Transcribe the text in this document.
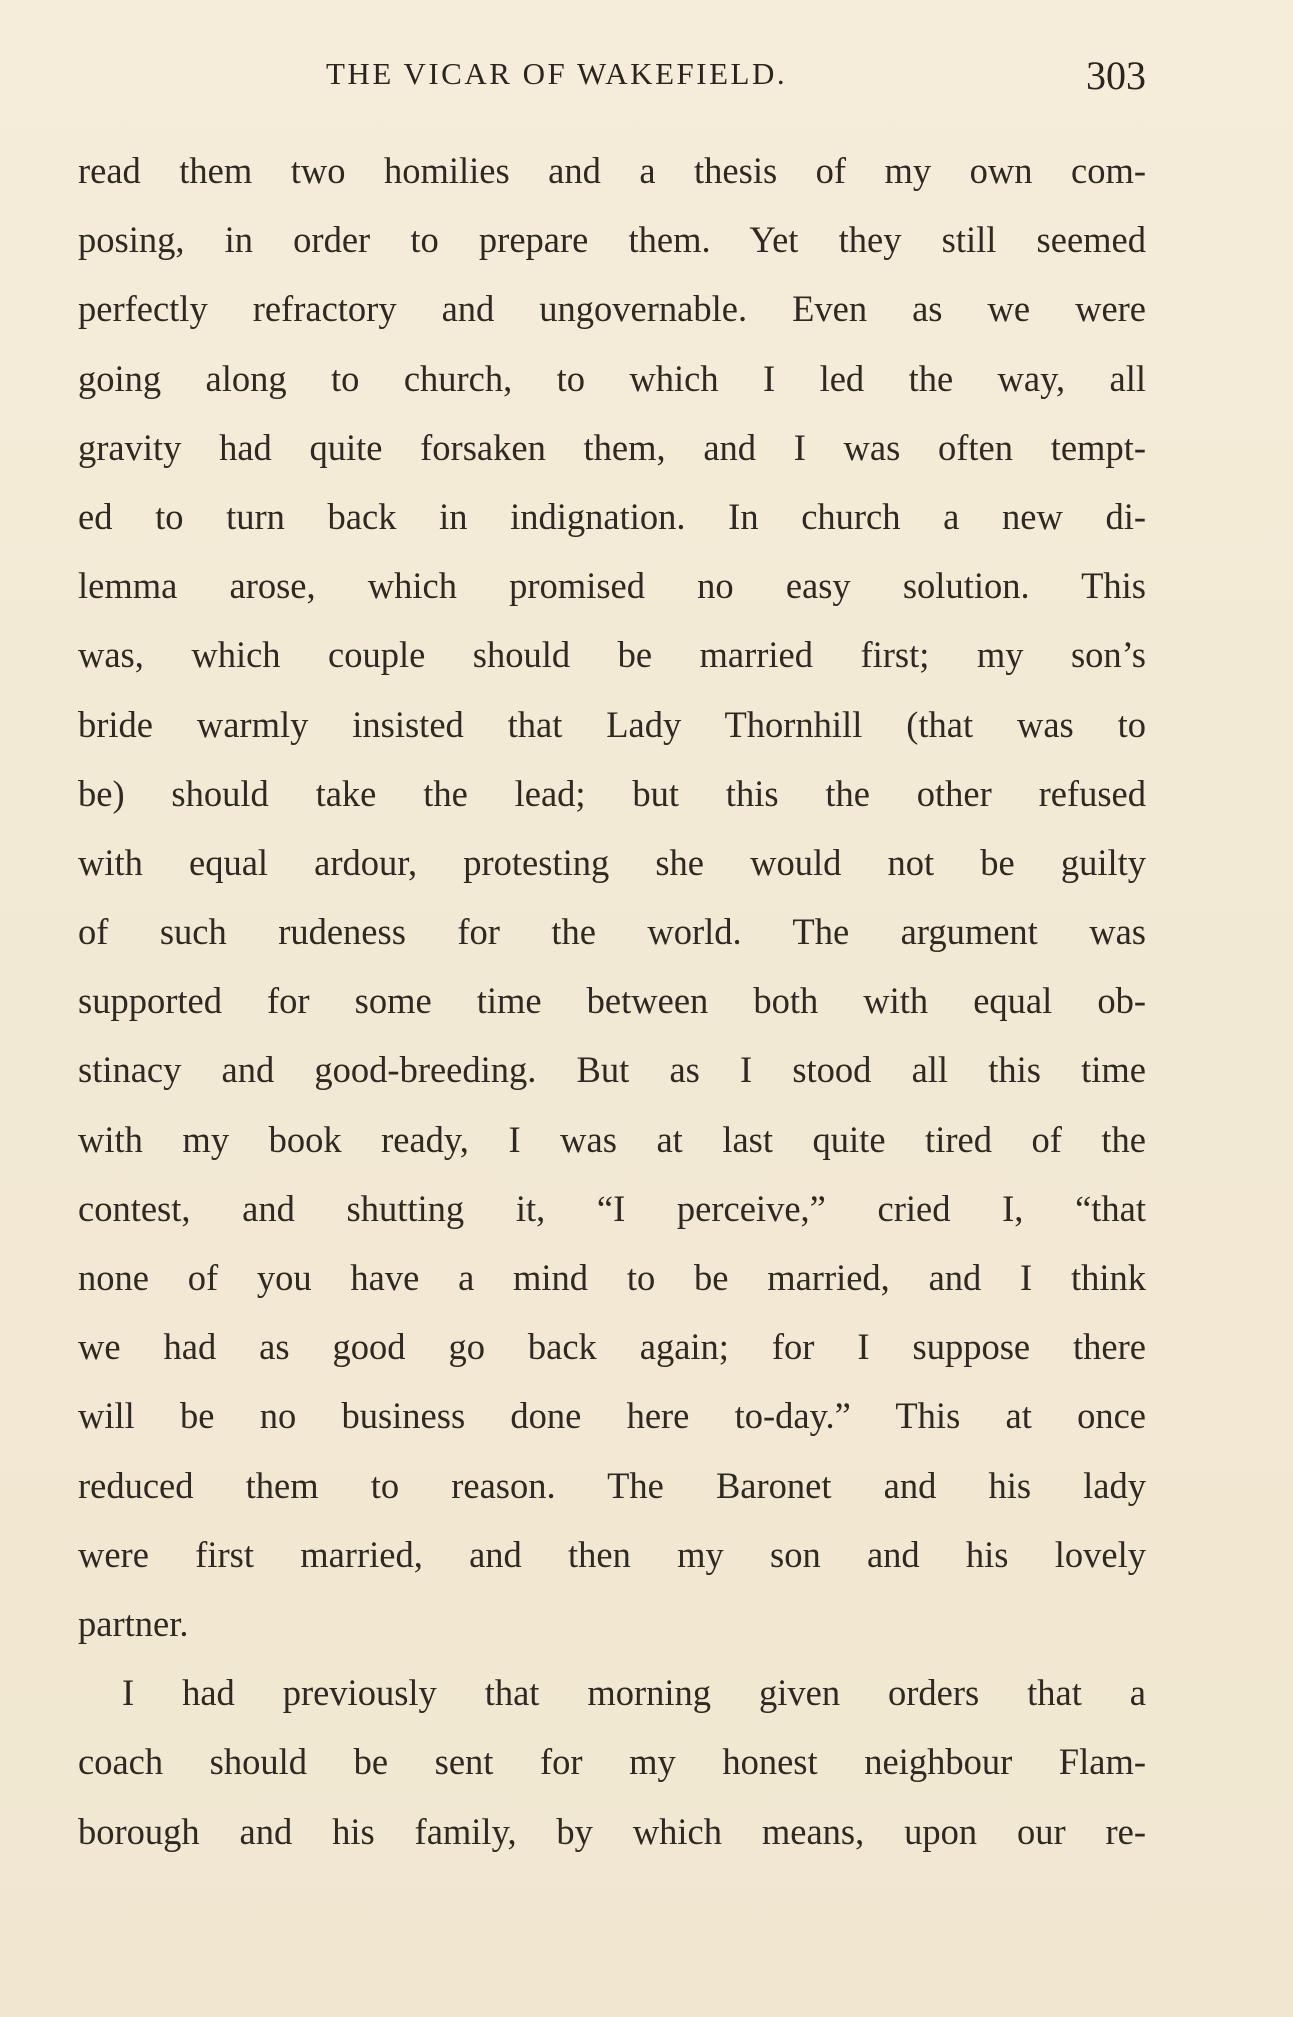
THE VICAR OF WAKEFIELD.	303
read them two homilies and a thesis of my own com-
posing, in order to prepare them. Yet they still seemed
perfectly refractory and ungovernable. Even as we were
going along to church, to which I led the way, all
gravity had quite forsaken them, and I was often tempt-
ed to turn back in indignation. In church a new di-
lemma arose, which promised no easy solution. This
was, which couple should be married first; my son’s
bride warmly insisted that Lady Thornhill (that was to
be) should take the lead; but this the other refused
with equal ardour, protesting she would not be guilty
of such rudeness for the world. The argument was
supported for some time between both with equal ob-
stinacy and good-breeding. But as I stood all this time
with my book ready, I was at last quite tired of the
contest, and shutting it, “I perceive,” cried I, “that
none of you have a mind to be married, and I think
we had as good go back again; for I suppose there
will be no business done here to-day.” This at once
reduced them to reason. The Baronet and his lady
were first married, and then my son and his lovely
partner.
I had previously that morning given orders that a
coach should be sent for my honest neighbour Flam-
borough and his family, by which means, upon our re-
